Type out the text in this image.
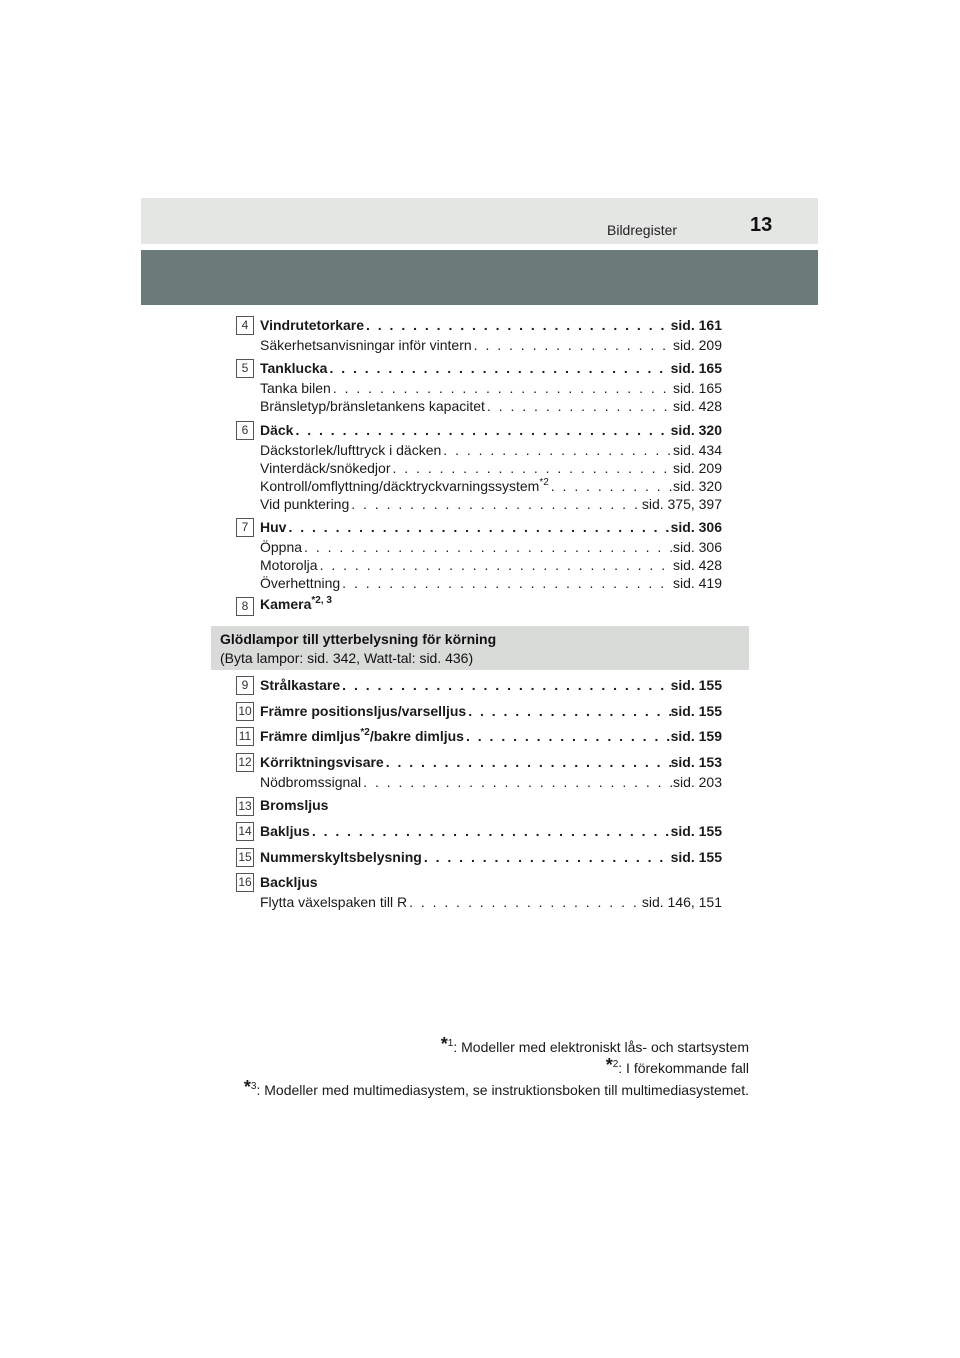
Bildregister	13
4 Vindrutetorkare . . .	sid. 161
Säkerhetsanvisningar inför vintern . . .	sid. 209
5 Tanklucka . . .	sid. 165
Tanka bilen . . .	sid. 165
Bränsletyp/bränsletankens kapacitet . . .	sid. 428
6 Däck . . .	sid. 320
Däckstorlek/lufttryck i däcken . . .	sid. 434
Vinterdäck/snökedjor . . .	sid. 209
Kontroll/omflyttning/däcktryckvarningssystem$^{*2}$ . . .	sid. 320
Vid punktering . . .	sid. 375, 397
7 Huv . . .	sid. 306
Öppna . . .	sid. 306
Motorolja . . .	sid. 428
Överhettning . . .	sid. 419
8 Kamera$^{*2, 3}$
Glödlampor till ytterbelysning för körning
(Byta lampor: sid. 342, Watt-tal: sid. 436)
9 Strålkastare . . .	sid. 155
10 Främre positionsljus/varselljus . . .	sid. 155
11 Främre dimljus$^{*2}$/bakre dimljus . . .	sid. 159
12 Körriktningsvisare . . .	sid. 153
Nödbromssignal . . .	sid. 203
13 Bromsljus
14 Bakljus . . .	sid. 155
15 Nummerskyltsbelysning . . .	sid. 155
16 Backljus
Flytta växelspaken till R . . .	sid. 146, 151
*$^1$: Modeller med elektroniskt lås- och startsystem
*$^2$: I förekommande fall
*$^3$: Modeller med multimediasystem, se instruktionsboken till multimediasystemet.
